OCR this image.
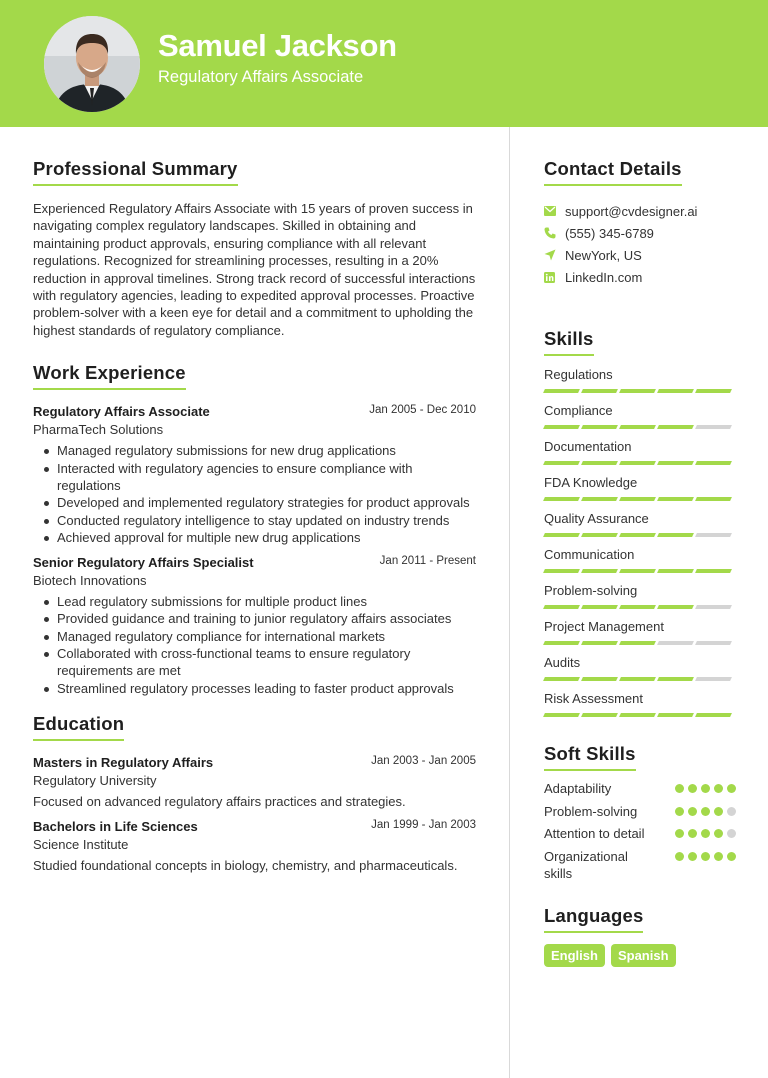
Samuel Jackson
Regulatory Affairs Associate
Professional Summary

Experienced Regulatory Affairs Associate with 15 years of proven success in navigating complex regulatory landscapes. Skilled in obtaining and maintaining product approvals, ensuring compliance with all relevant regulations. Recognized for streamlining processes, resulting in a 20% reduction in approval timelines. Strong track record of successful interactions with regulatory agencies, leading to expedited approval processes. Proactive problem-solver with a keen eye for detail and a commitment to upholding the highest standards of regulatory compliance.

Work Experience
Regulatory Affairs Associate	Jan 2005 - Dec 2010
PharmaTech Solutions
Managed regulatory submissions for new drug applications
Interacted with regulatory agencies to ensure compliance with regulations
Developed and implemented regulatory strategies for product approvals
Conducted regulatory intelligence to stay updated on industry trends
Achieved approval for multiple new drug applications
Senior Regulatory Affairs Specialist	Jan 2011 - Present
Biotech Innovations
Lead regulatory submissions for multiple product lines
Provided guidance and training to junior regulatory affairs associates
Managed regulatory compliance for international markets
Collaborated with cross-functional teams to ensure regulatory requirements are met
Streamlined regulatory processes leading to faster product approvals
Education
Masters in Regulatory Affairs	Jan 2003 - Jan 2005
Regulatory University
Focused on advanced regulatory affairs practices and strategies.
Bachelors in Life Sciences	Jan 1999 - Jan 2003
Science Institute
Studied foundational concepts in biology, chemistry, and pharmaceuticals.
Contact Details
support@cvdesigner.ai
(555) 345-6789
NewYork, US
LinkedIn.com
Skills
Regulations
Compliance
Documentation
FDA Knowledge
Quality Assurance
Communication
Problem-solving
Project Management
Audits
Risk Assessment
Soft Skills
Adaptability
Problem-solving
Attention to detail
Organizational skills
Languages
English	Spanish
